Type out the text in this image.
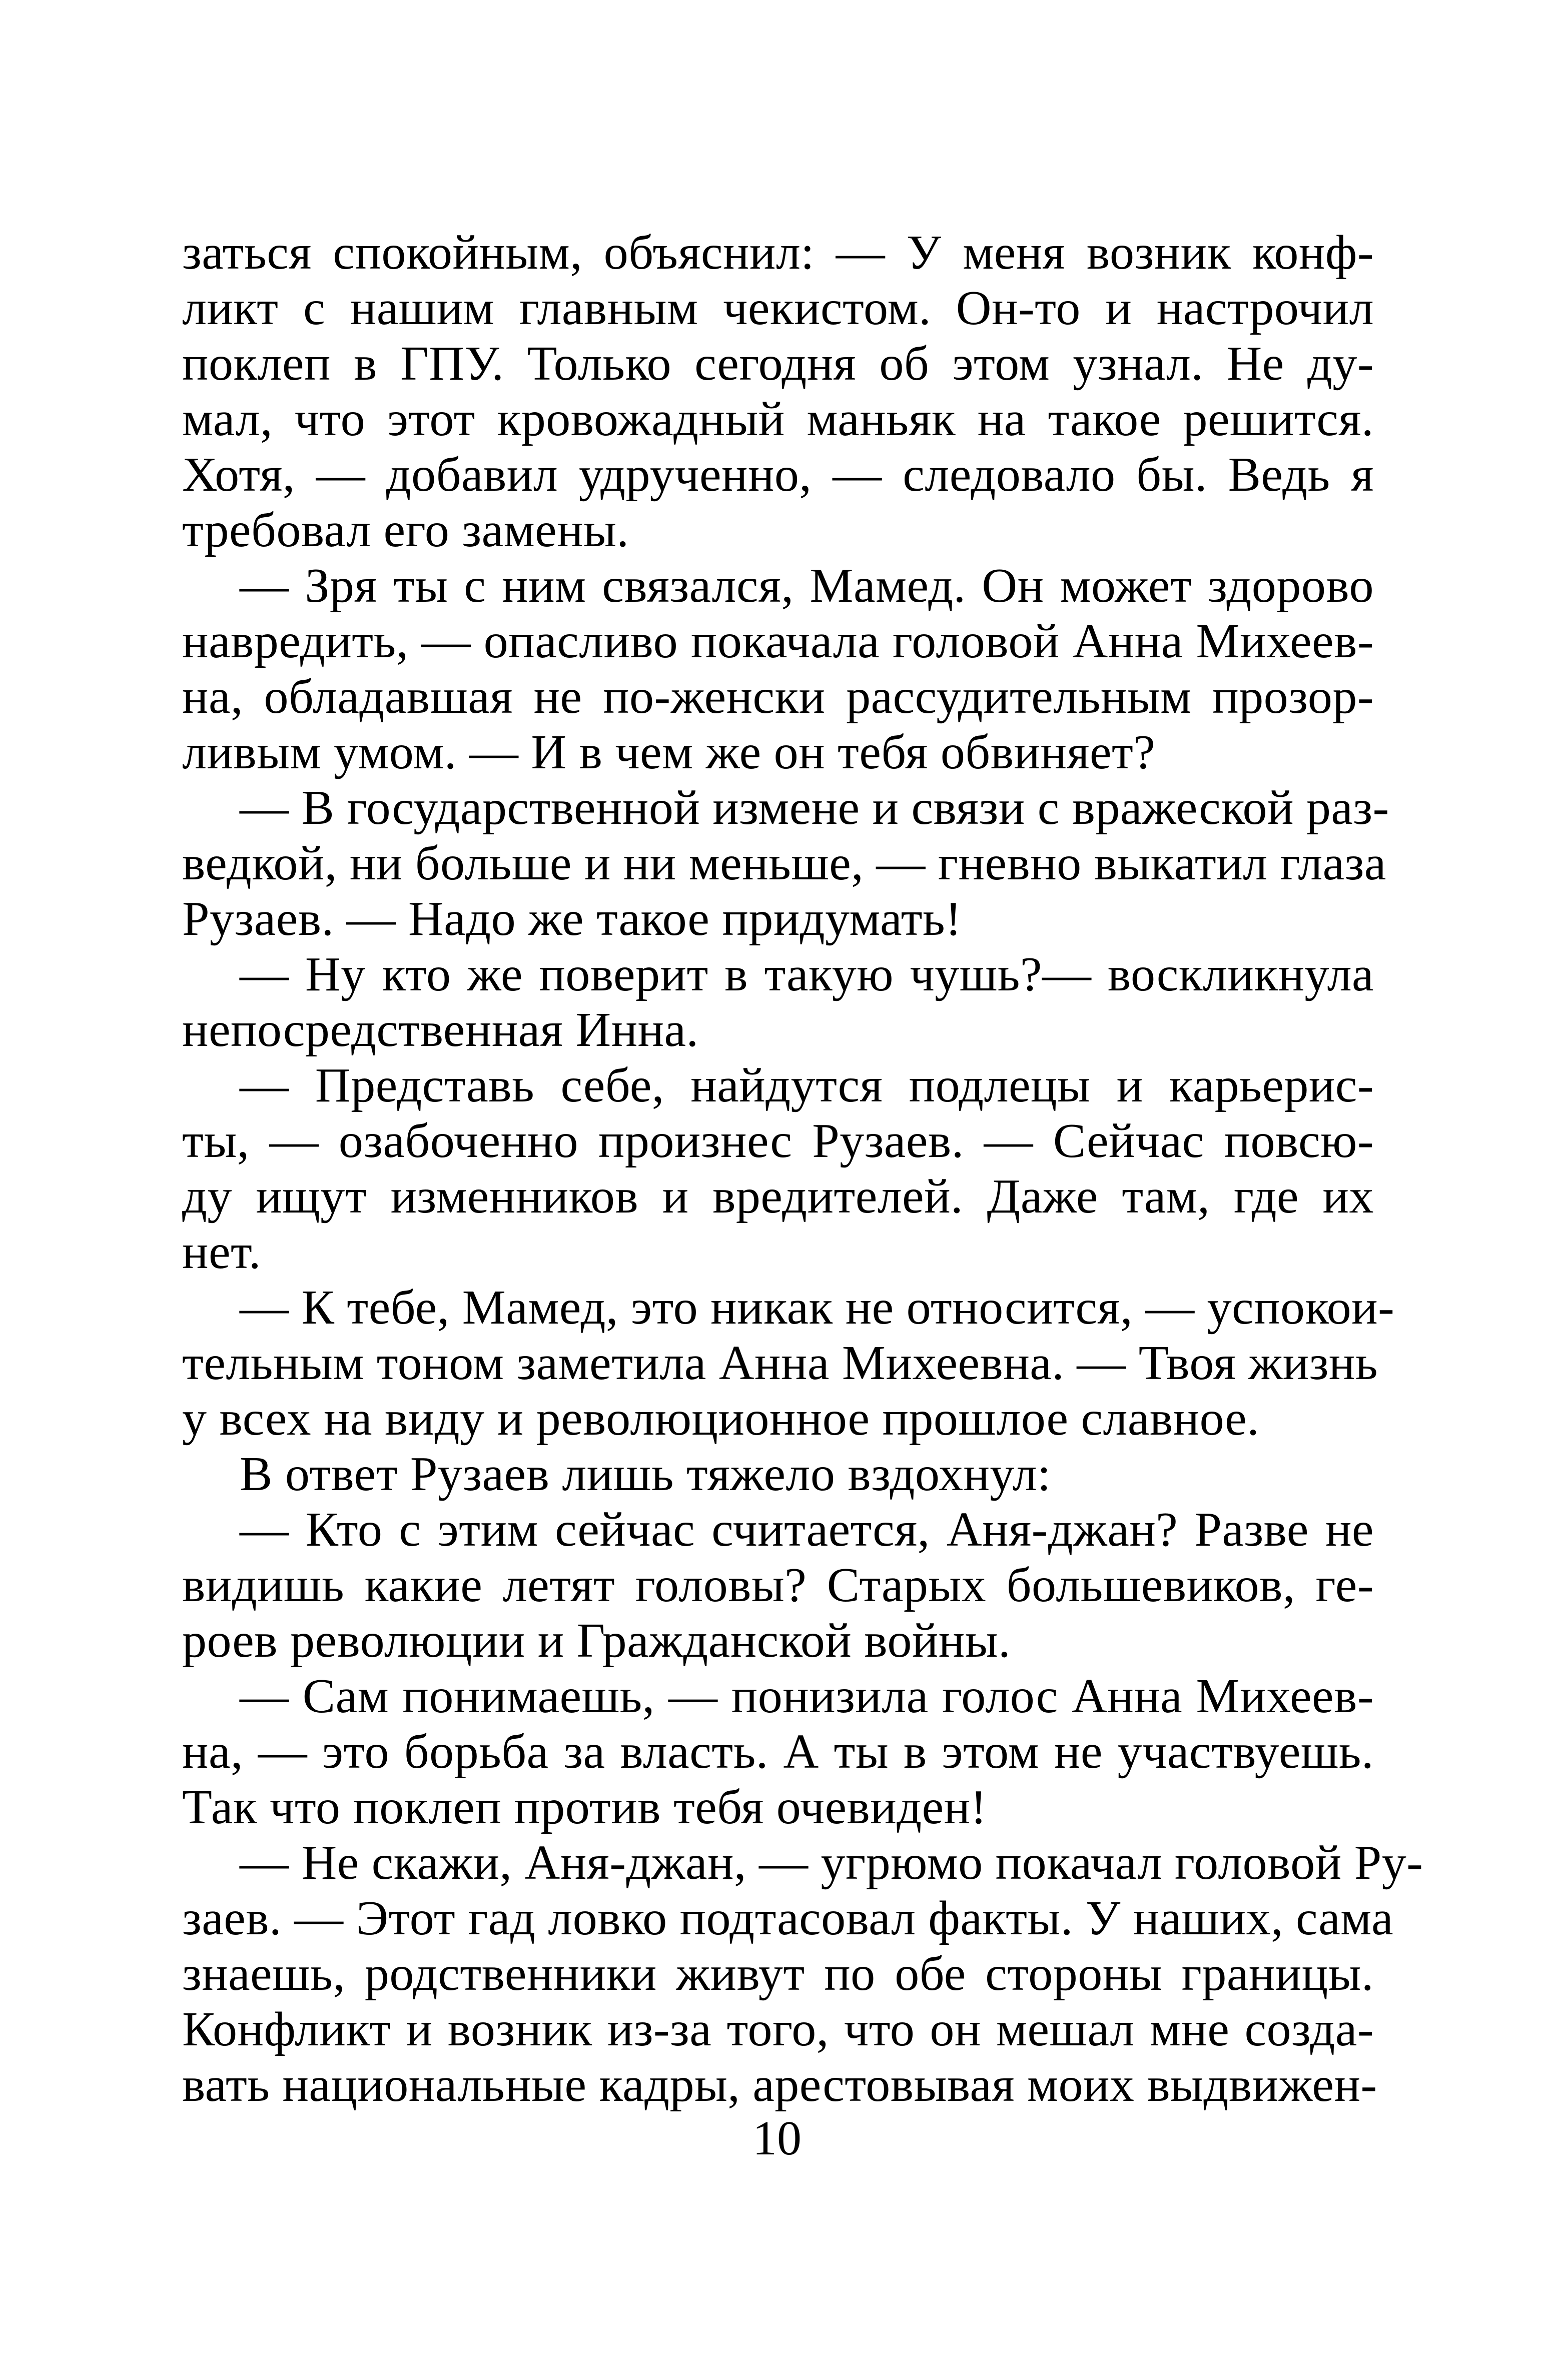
заться спокойным, объяснил: — У меня возник конф-
ликт с нашим главным чекистом. Он-то и настрочил
поклеп в ГПУ. Только сегодня об этом узнал. Не ду-
мал, что этот кровожадный маньяк на такое решится.
Хотя, — добавил удрученно, — следовало бы. Ведь я
требовал его замены.
— Зря ты с ним связался, Мамед. Он может здорово
навредить, — опасливо покачала головой Анна Михеев-
на, обладавшая не по-женски рассудительным прозор-
ливым умом. — И в чем же он тебя обвиняет?
— В государственной измене и связи с вражеской раз-
ведкой, ни больше и ни меньше, — гневно выкатил глаза
Рузаев. — Надо же такое придумать!
— Ну кто же поверит в такую чушь?— воскликнула
непосредственная Инна.
— Представь себе, найдутся подлецы и карьерис-
ты, — озабоченно произнес Рузаев. — Сейчас повсю-
ду ищут изменников и вредителей. Даже там, где их
нет.
— К тебе, Мамед, это никак не относится, — успокои-
тельным тоном заметила Анна Михеевна. — Твоя жизнь
у всех на виду и революционное прошлое славное.
В ответ Рузаев лишь тяжело вздохнул:
— Кто с этим сейчас считается, Аня-джан? Разве не
видишь какие летят головы? Старых большевиков, ге-
роев революции и Гражданской войны.
— Сам понимаешь, — понизила голос Анна Михеев-
на, — это борьба за власть. А ты в этом не участвуешь.
Так что поклеп против тебя очевиден!
— Не скажи, Аня-джан, — угрюмо покачал головой Ру-
заев. — Этот гад ловко подтасовал факты. У наших, сама
знаешь, родственники живут по обе стороны границы.
Конфликт и возник из-за того, что он мешал мне созда-
вать национальные кадры, арестовывая моих выдвижен-
10
